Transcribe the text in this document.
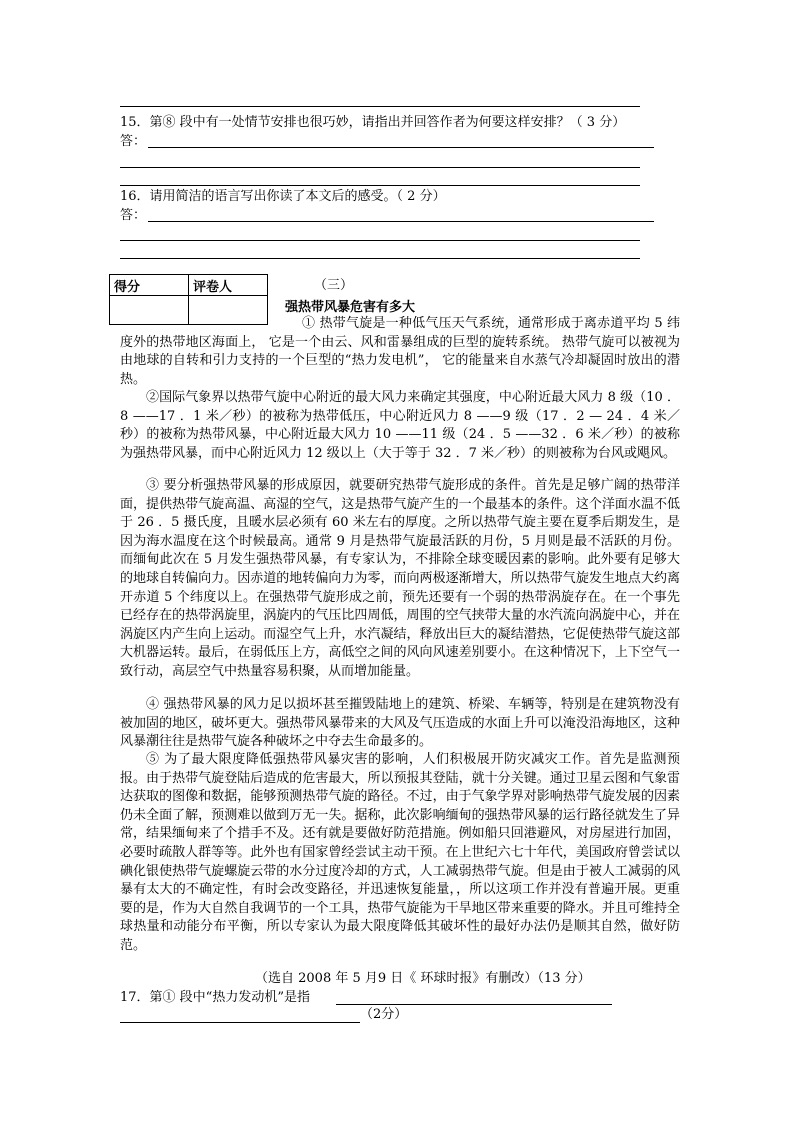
15．第⑧ 段中有一处情节安排也很巧妙，请指出并回答作者为何要这样安排？（ 3 分）
答：
16．请用简洁的语言写出你读了本文后的感受。（ 2 分）
答：
得分	评卷人
		（三）
强热带风暴危害有多大
① 热带气旋是一种低气压天气系统，通常形成于离赤道平均 5 纬度外的热带地区海面上， 它是一个由云、风和雷暴组成的巨型的旋转系统。 热带气旋可以被视为由地球的自转和引力支持的一个巨型的“热力发电机”， 它的能量来自水蒸气冷却凝固时放出的潜热。
②国际气象界以热带气旋中心附近的最大风力来确定其强度，中心附近最大风力 8 级（10 ．8 ——17 ．1 米／秒）的被称为热带低压，中心附近风力 8 ——9 级（17 ．2 — 24 ．4 米／秒）的被称为热带风暴，中心附近最大风力 10 ——11 级（24 ．5 ——32 ．6 米／秒）的被称为强热带风暴，而中心附近风力 12 级以上（大于等于 32 ．7 米／秒）的则被称为台风或飓风。
③ 要分析强热带风暴的形成原因，就要研究热带气旋形成的条件。首先是足够广阔的热带洋面，提供热带气旋高温、高湿的空气，这是热带气旋产生的一个最基本的条件。这个洋面水温不低于 26 ．5 摄氏度，且暖水层必须有 60 米左右的厚度。之所以热带气旋主要在夏季后期发生，是因为海水温度在这个时候最高。通常 9 月是热带气旋最活跃的月份，5 月则是最不活跃的月份。而缅甸此次在 5 月发生强热带风暴，有专家认为，不排除全球变暖因素的影响。此外要有足够大的地球自转偏向力。因赤道的地转偏向力为零，而向两极逐渐增大，所以热带气旋发生地点大约离开赤道 5 个纬度以上。在强热带气旋形成之前，预先还要有一个弱的热带涡旋存在。在一个事先已经存在的热带涡旋里，涡旋内的气压比四周低，周围的空气挟带大量的水汽流向涡旋中心，并在涡旋区内产生向上运动。而湿空气上升，水汽凝结，释放出巨大的凝结潜热，它促使热带气旋这部大机器运转。最后，在弱低压上方，高低空之间的风向风速差别要小。在这种情况下，上下空气一致行动，高层空气中热量容易积聚，从而增加能量。
④ 强热带风暴的风力足以损坏甚至摧毁陆地上的建筑、桥梁、车辆等，特别是在建筑物没有被加固的地区，破坏更大。强热带风暴带来的大风及气压造成的水面上升可以淹没沿海地区，这种风暴潮往往是热带气旋各种破坏之中夺去生命最多的。
⑤ 为了最大限度降低强热带风暴灾害的影响，人们积极展开防灾减灾工作。首先是监测预报。由于热带气旋登陆后造成的危害最大，所以预报其登陆，就十分关键。通过卫星云图和气象雷达获取的图像和数据，能够预测热带气旋的路径。不过，由于气象学界对影响热带气旋发展的因素仍未全面了解，预测难以做到万无一失。据称，此次影响缅甸的强热带风暴的运行路径就发生了异常，结果缅甸来了个措手不及。还有就是要做好防范措施。例如船只回港避风，对房屋进行加固，必要时疏散人群等等。此外也有国家曾经尝试主动干预。在上世纪六七十年代，美国政府曾尝试以碘化银使热带气旋螺旋云带的水分过度冷却的方式，人工减弱热带气旋。但是由于被人工减弱的风暴有太大的不确定性，有时会改变路径，并迅速恢复能量，，所以这项工作并没有普遍开展。更重要的是，作为大自然自我调节的一个工具，热带气旋能为干旱地区带来重要的降水。并且可维持全球热量和动能分布平衡，所以专家认为最大限度降低其破坏性的最好办法仍是顺其自然，做好防范。
（选自 2008 年 5 月9 日《 环球时报》有删改）（13 分）
17．第① 段中“热力发动机”是指
（2分）
